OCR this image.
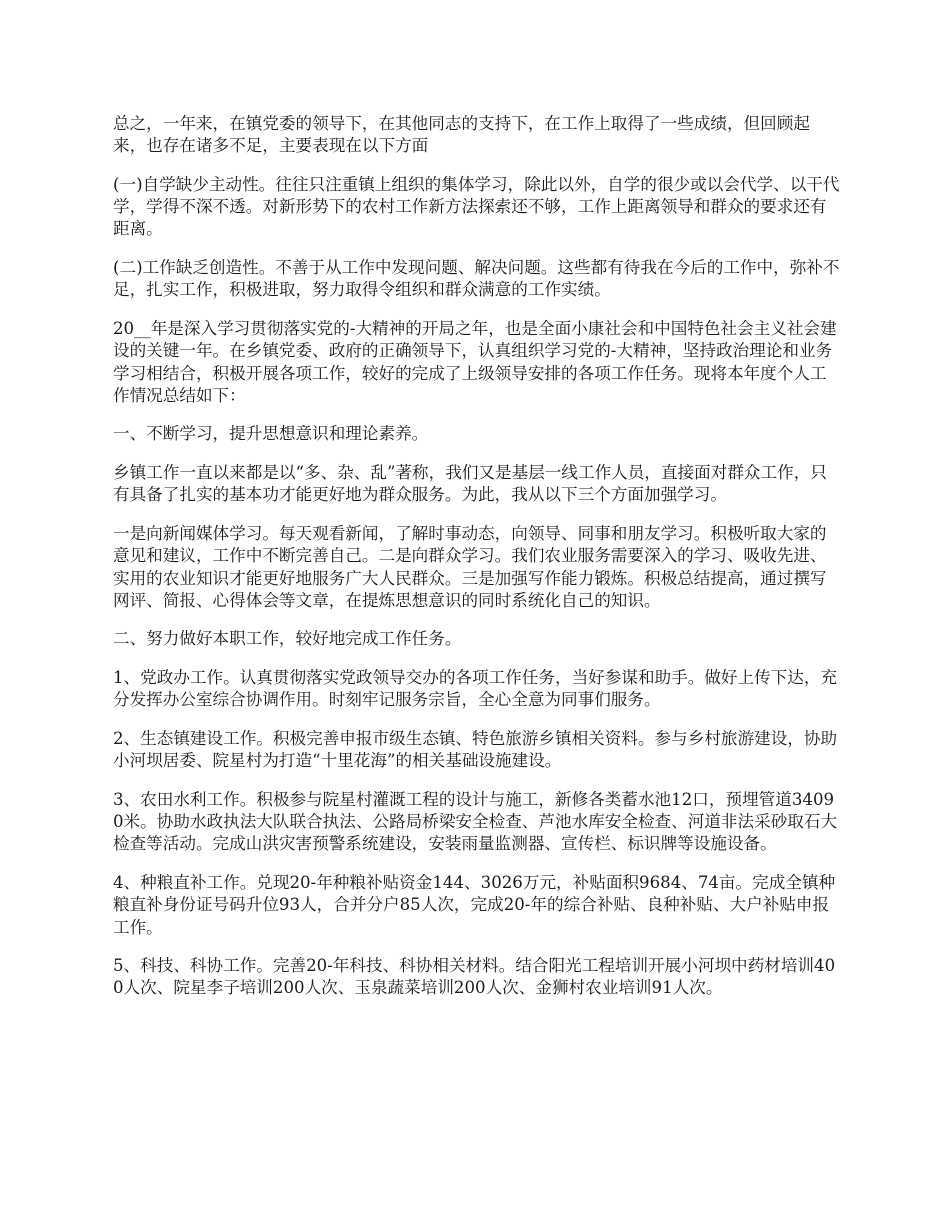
总之，一年来，在镇党委的领导下，在其他同志的支持下，在工作上取得了一些成绩，但回顾起来，也存在诸多不足，主要表现在以下方面

(一)自学缺少主动性。往往只注重镇上组织的集体学习，除此以外，自学的很少或以会代学、以干代学，学得不深不透。对新形势下的农村工作新方法探索还不够，工作上距离领导和群众的要求还有距离。

(二)工作缺乏创造性。不善于从工作中发现问题、解决问题。这些都有待我在今后的工作中，弥补不足，扎实工作，积极进取，努力取得令组织和群众满意的工作实绩。

20__年是深入学习贯彻落实党的-大精神的开局之年，也是全面小康社会和中国特色社会主义社会建设的关键一年。在乡镇党委、政府的正确领导下，认真组织学习党的-大精神，坚持政治理论和业务学习相结合，积极开展各项工作，较好的完成了上级领导安排的各项工作任务。现将本年度个人工作情况总结如下：

一、不断学习，提升思想意识和理论素养。

乡镇工作一直以来都是以“多、杂、乱”著称，我们又是基层一线工作人员，直接面对群众工作，只有具备了扎实的基本功才能更好地为群众服务。为此，我从以下三个方面加强学习。

一是向新闻媒体学习。每天观看新闻，了解时事动态，向领导、同事和朋友学习。积极听取大家的意见和建议，工作中不断完善自己。二是向群众学习。我们农业服务需要深入的学习、吸收先进、实用的农业知识才能更好地服务广大人民群众。三是加强写作能力锻炼。积极总结提高，通过撰写网评、简报、心得体会等文章，在提炼思想意识的同时系统化自己的知识。

二、努力做好本职工作，较好地完成工作任务。

1、党政办工作。认真贯彻落实党政领导交办的各项工作任务，当好参谋和助手。做好上传下达，充分发挥办公室综合协调作用。时刻牢记服务宗旨，全心全意为同事们服务。

2、生态镇建设工作。积极完善申报市级生态镇、特色旅游乡镇相关资料。参与乡村旅游建设，协助小河坝居委、院星村为打造“十里花海”的相关基础设施建设。

3、农田水利工作。积极参与院星村灌溉工程的设计与施工，新修各类蓄水池12口，预埋管道34090米。协助水政执法大队联合执法、公路局桥梁安全检查、芦池水库安全检查、河道非法采砂取石大检查等活动。完成山洪灾害预警系统建设，安装雨量监测器、宣传栏、标识牌等设施设备。

4、种粮直补工作。兑现20-年种粮补贴资金144、3026万元，补贴面积9684、74亩。完成全镇种粮直补身份证号码升位93人，合并分户85人次，完成20-年的综合补贴、良种补贴、大户补贴申报工作。

5、科技、科协工作。完善20-年科技、科协相关材料。结合阳光工程培训开展小河坝中药材培训400人次、院星李子培训200人次、玉泉蔬菜培训200人次、金狮村农业培训91人次。
